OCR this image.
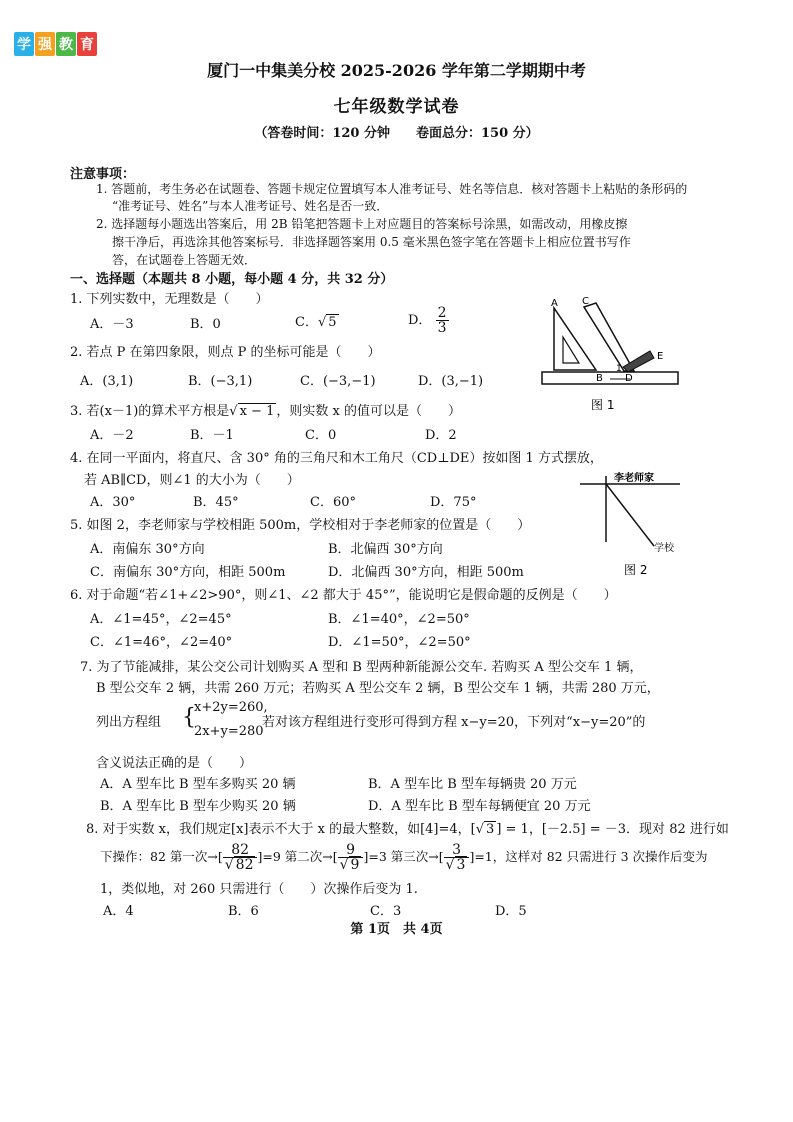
学 强 教 育
厦门一中集美分校 2025-2026 学年第二学期期中考
七年级数学试卷
（答卷时间：120 分钟　　卷面总分：150 分）
注意事项：
1. 答题前，考生务必在试题卷、答题卡规定位置填写本人准考证号、姓名等信息．核对答题卡上粘贴的条形码的
“准考证号、姓名”与本人准考证号、姓名是否一致．
2. 选择题每小题选出答案后，用 2B 铅笔把答题卡上对应题目的答案标号涂黑，如需改动，用橡皮擦
擦干净后，再选涂其他答案标号．非选择题答案用 0.5 毫米黑色签字笔在答题卡上相应位置书写作
答，在试题卷上答题无效．
一、选择题（本题共 8 小题，每小题 4 分，共 32 分）
1. 下列实数中，无理数是（　　）
A．－3	B．0	C．√ 5	D． $\frac{2}{3}$
2. 若点 P 在第四象限，则点 P 的坐标可能是（　　）
A．(3,1)	B．(−3,1)	C．(−3,−1)	D．(3,−1)
3. 若(x－1)的算术平方根是√ x − 1 ，则实数 x 的值可以是（　　）
A．－2	B．－1	C．0	D．2
A C
B D
E
1
图 1
4. 在同一平面内，将直尺、含 30° 角的三角尺和木工角尺（CD⊥DE）按如图 1 方式摆放，
若 AB∥CD，则∠1 的大小为（　　）
A．30°	B．45°	C．60°	D．75°
李老师家
学校
图 2
5. 如图 2，李老师家与学校相距 500m，学校相对于李老师家的位置是（　　）
A．南偏东 30°方向	B．北偏西 30°方向
C．南偏东 30°方向，相距 500m	D．北偏西 30°方向，相距 500m
6. 对于命题“若∠1+∠2>90°，则∠1、∠2 都大于 45°”，能说明它是假命题的反例是（　　）
A．∠1=45°，∠2=45°	B．∠1=40°，∠2=50°
C．∠1=46°，∠2=40°	D．∠1=50°，∠2=50°
7. 为了节能减排，某公交公司计划购买 A 型和 B 型两种新能源公交车. 若购买 A 型公交车 1 辆，
B 型公交车 2 辆，共需 260 万元；若购买 A 型公交车 2 辆，B 型公交车 1 辆，共需 280 万元，
列出方程组 {
x+2y=260,
2x+y=280
若对该方程组进行变形可得到方程 x−y=20，下列对“x−y=20”的
含义说法正确的是（　　）
A．A 型车比 B 型车多购买 20 辆	B．A 型车比 B 型车每辆贵 20 万元
B．A 型车比 B 型车少购买 20 辆	D．A 型车比 B 型车每辆便宜 20 万元
8. 对于实数 x，我们规定[x]表示不大于 x 的最大整数，如[4]=4，[√ 3 ] = 1，[－2.5] = －3．现对 82 进行如
下操作：82 第一次→[ $\frac{82}{√ 82} ]=9$ 第二次→[ $\frac{9}{√ 9} ]=3$ 第三次→[ $\frac{3}{√ 3} ]=1$，这样对 82 只需进行 3 次操作后变为
1，类似地，对 260 只需进行（　　）次操作后变为 1.
A．4	B．6	C．3	D．5
第 1页　共 4页
